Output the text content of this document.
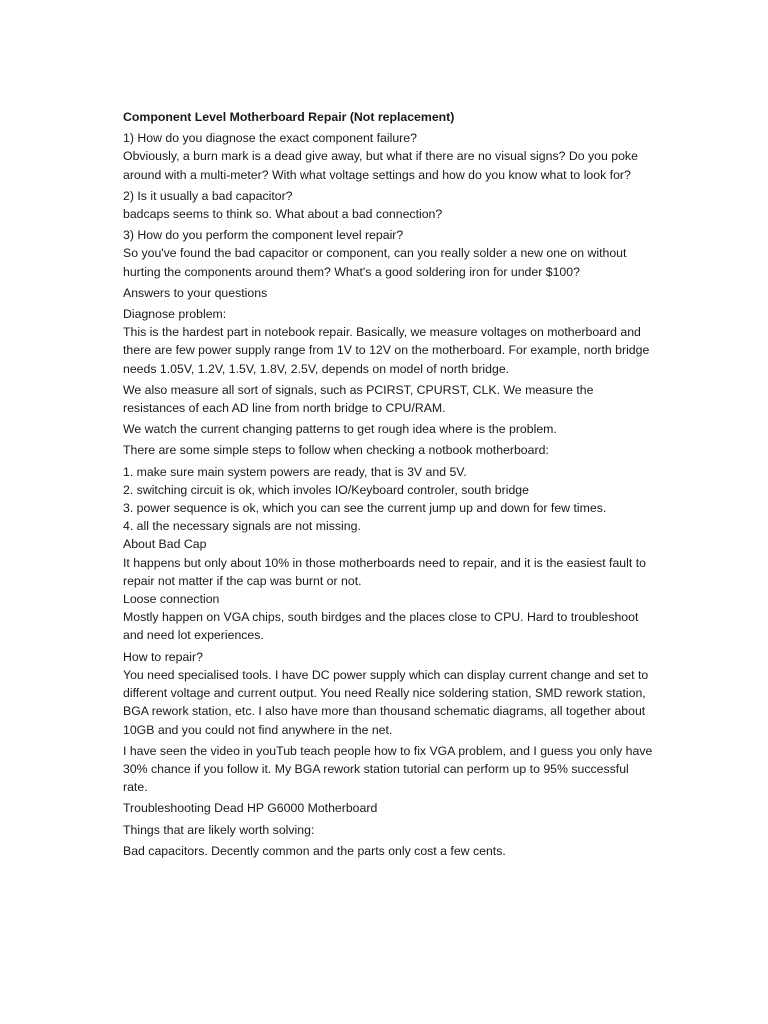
Component Level Motherboard Repair (Not replacement)
1) How do you diagnose the exact component failure?
Obviously, a burn mark is a dead give away, but what if there are no visual signs? Do you poke
around with a multi-meter? With what voltage settings and how do you know what to look for?
2) Is it usually a bad capacitor?
badcaps seems to think so. What about a bad connection?
3) How do you perform the component level repair?
So you've found the bad capacitor or component, can you really solder a new one on without
hurting the components around them? What's a good soldering iron for under $100?
Answers to your questions
Diagnose problem:
This is the hardest part in notebook repair. Basically, we measure voltages on motherboard and
there are few power supply range from 1V to 12V on the motherboard. For example, north bridge
needs 1.05V, 1.2V, 1.5V, 1.8V, 2.5V, depends on model of north bridge.
We also measure all sort of signals, such as PCIRST, CPURST, CLK. We measure the
resistances of each AD line from north bridge to CPU/RAM.
We watch the current changing patterns to get rough idea where is the problem.
There are some simple steps to follow when checking a notbook motherboard:
1. make sure main system powers are ready, that is 3V and 5V.
2. switching circuit is ok, which involes IO/Keyboard controler, south bridge
3. power sequence is ok, which you can see the current jump up and down for few times.
4. all the necessary signals are not missing.
About Bad Cap
It happens but only about 10% in those motherboards need to repair, and it is the easiest fault to
repair not matter if the cap was burnt or not.
Loose connection
Mostly happen on VGA chips, south birdges and the places close to CPU. Hard to troubleshoot
and need lot experiences.
How to repair?
You need specialised tools. I have DC power supply which can display current change and set to
different voltage and current output. You need Really nice soldering station, SMD rework station,
BGA rework station, etc. I also have more than thousand schematic diagrams, all together about
10GB and you could not find anywhere in the net.
I have seen the video in youTub teach people how to fix VGA problem, and I guess you only have
30% chance if you follow it. My BGA rework station tutorial can perform up to 95% successful
rate.
Troubleshooting Dead HP G6000 Motherboard
Things that are likely worth solving:
Bad capacitors. Decently common and the parts only cost a few cents.
